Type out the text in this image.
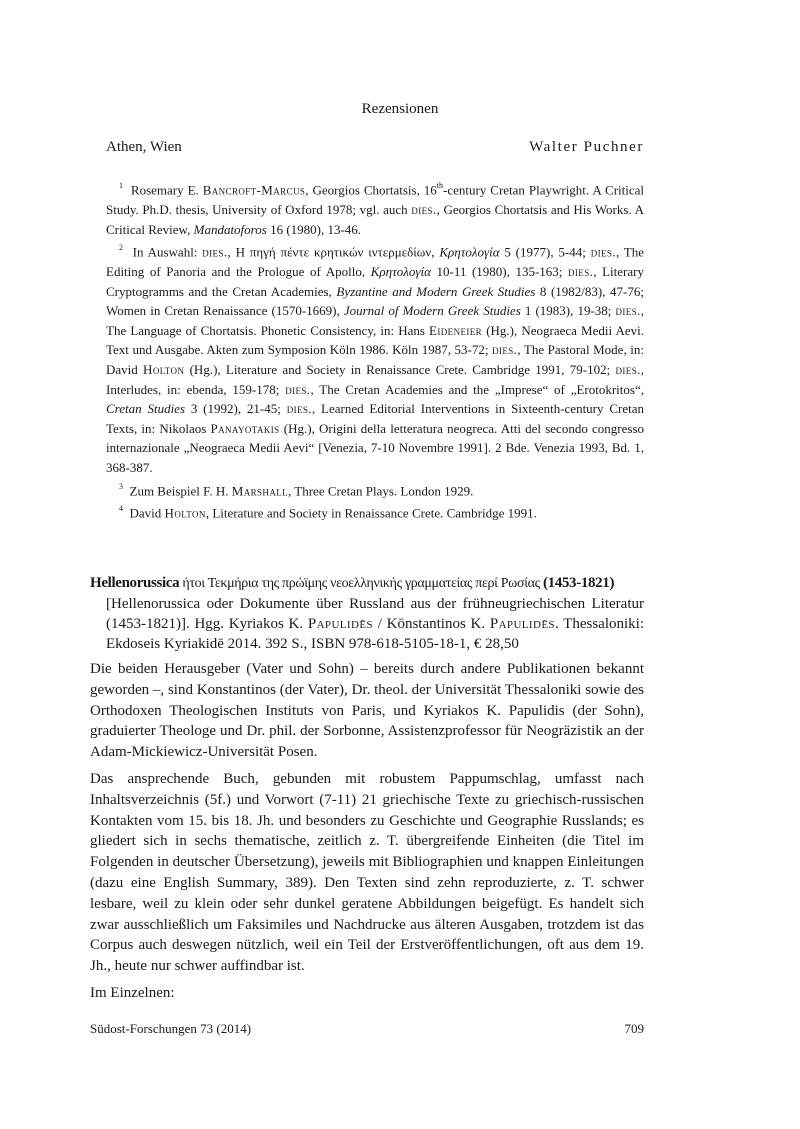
Rezensionen
Athen, Wien	Walter Puchner

$^1$ Rosemary E. Bancroft-Marcus, Georgios Chortatsis, 16th-century Cretan Playwright. A Critical Study. Ph.D. thesis, University of Oxford 1978; vgl. auch dies., Georgios Chortatsis and His Works. A Critical Review, Mandatoforos 16 (1980), 13-46.

$^2$ In Auswahl: dies., Η πηγή πέντε κρητικών ιντερμεδίων, Κρητολογία 5 (1977), 5-44; dies., The Editing of Panoria and the Prologue of Apollo, Κρητολογία 10-11 (1980), 135-163; dies., Literary Cryptogramms and the Cretan Academies, Byzantine and Modern Greek Studies 8 (1982/83), 47-76; Women in Cretan Renaissance (1570-1669), Journal of Modern Greek Studies 1 (1983), 19-38; dies., The Language of Chortatsis. Phonetic Consistency, in: Hans Eideneier (Hg.), Neograeca Medii Aevi. Text und Ausgabe. Akten zum Symposion Köln 1986. Köln 1987, 53-72; dies., The Pastoral Mode, in: David Holton (Hg.), Literature and Society in Renaissance Crete. Cambridge 1991, 79-102; dies., Interludes, in: ebenda, 159-178; dies., The Cretan Academies and the „Imprese“ of „Erotokritos“, Cretan Studies 3 (1992), 21-45; dies., Learned Editorial Interventions in Sixteenth-century Cretan Texts, in: Nikolaos Panayotakis (Hg.), Origini della letteratura neogreca. Atti del secondo congresso internazionale „Neograeca Medii Aevi“ [Venezia, 7-10 Novembre 1991]. 2 Bde. Venezia 1993, Bd. 1, 368-387.

$^3$ Zum Beispiel F. H. Marshall, Three Cretan Plays. London 1929.

$^4$ David Holton, Literature and Society in Renaissance Crete. Cambridge 1991.

Hellenorussica ήτοι Τεκμήρια της πρώϊμης νεοελληνικής γραμματείας περί Ρωσίας (1453-1821)

[Hellenorussica oder Dokumente über Russland aus der frühneugriechischen Literatur (1453-1821)]. Hgg. Kyriakos K. Papulidēs / Kōnstantinos K. Papulidēs. Thessaloniki: Ekdoseis Kyriakidē 2014. 392 S., ISBN 978-618-5105-18-1, € 28,50

Die beiden Herausgeber (Vater und Sohn) – bereits durch andere Publikationen bekannt geworden –, sind Konstantinos (der Vater), Dr. theol. der Universität Thessaloniki sowie des Orthodoxen Theologischen Instituts von Paris, und Kyriakos K. Papulidis (der Sohn), graduierter Theologe und Dr. phil. der Sorbonne, Assistenzprofessor für Neogräzistik an der Adam-Mickiewicz-Universität Posen.

Das ansprechende Buch, gebunden mit robustem Pappumschlag, umfasst nach Inhaltsverzeichnis (5f.) und Vorwort (7-11) 21 griechische Texte zu griechisch-russischen Kontakten vom 15. bis 18. Jh. und besonders zu Geschichte und Geographie Russlands; es gliedert sich in sechs thematische, zeitlich z. T. übergreifende Einheiten (die Titel im Folgenden in deutscher Übersetzung), jeweils mit Bibliographien und knappen Einleitungen (dazu eine English Summary, 389). Den Texten sind zehn reproduzierte, z. T. schwer lesbare, weil zu klein oder sehr dunkel geratene Abbildungen beigefügt. Es handelt sich zwar ausschließlich um Faksimiles und Nachdrucke aus älteren Ausgaben, trotzdem ist das Corpus auch deswegen nützlich, weil ein Teil der Erstveröffentlichungen, oft aus dem 19. Jh., heute nur schwer auffindbar ist.

Im Einzelnen:

Südost-Forschungen 73 (2014)	709
